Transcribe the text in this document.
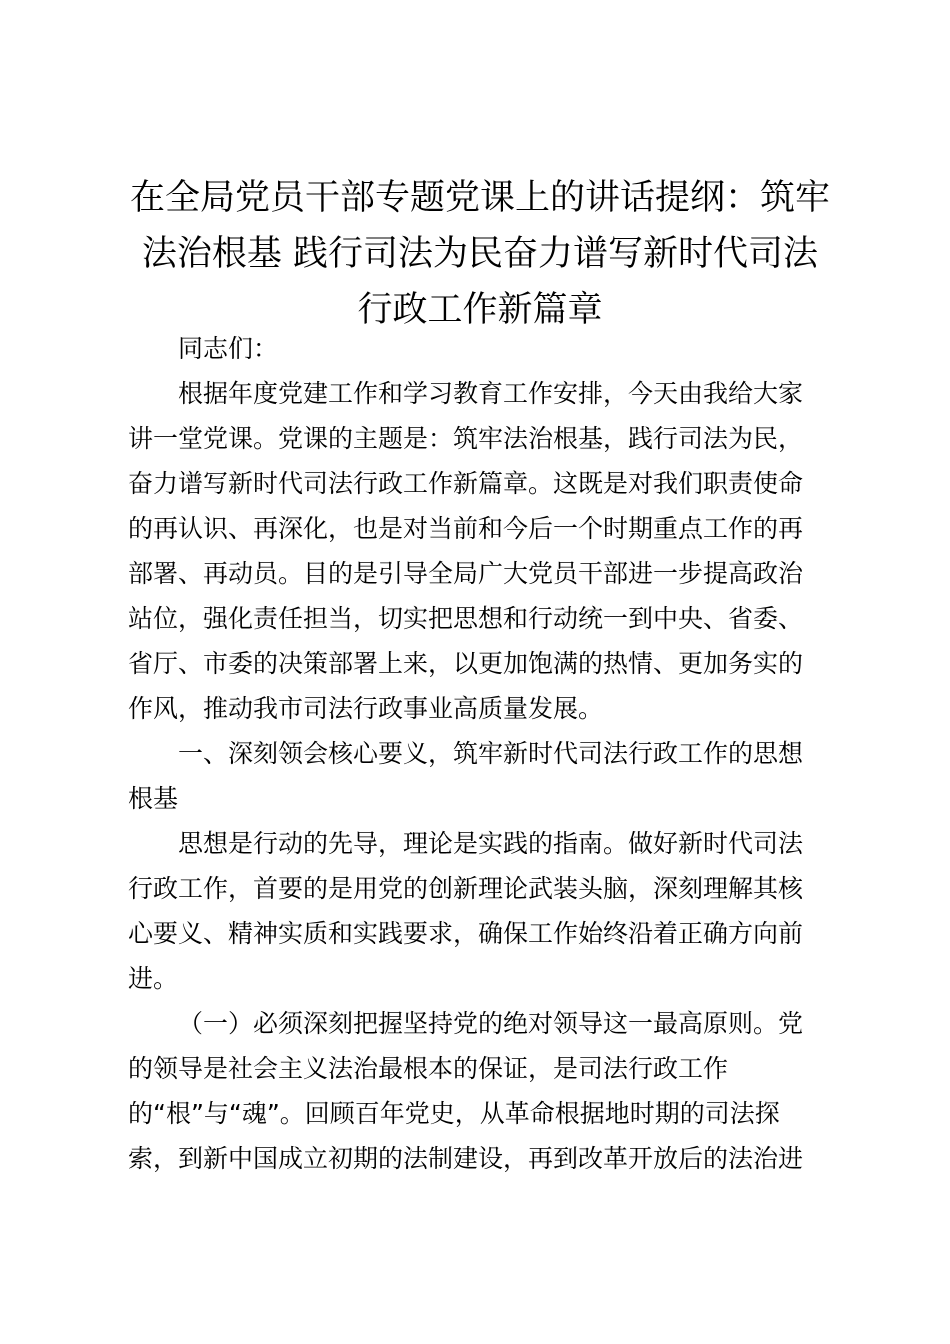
在全局党员干部专题党课上的讲话提纲：筑牢
法治根基 践行司法为民奋力谱写新时代司法
行政工作新篇章

同志们：

根据年度党建工作和学习教育工作安排，今天由我给大家
讲一堂党课。党课的主题是：筑牢法治根基，践行司法为民，
奋力谱写新时代司法行政工作新篇章。这既是对我们职责使命
的再认识、再深化，也是对当前和今后一个时期重点工作的再
部署、再动员。目的是引导全局广大党员干部进一步提高政治
站位，强化责任担当，切实把思想和行动统一到中央、省委、
省厅、市委的决策部署上来，以更加饱满的热情、更加务实的
作风，推动我市司法行政事业高质量发展。

一、深刻领会核心要义，筑牢新时代司法行政工作的思想
根基

思想是行动的先导，理论是实践的指南。做好新时代司法
行政工作，首要的是用党的创新理论武装头脑，深刻理解其核
心要义、精神实质和实践要求，确保工作始终沿着正确方向前
进。

（一）必须深刻把握坚持党的绝对领导这一最高原则。党
的领导是社会主义法治最根本的保证，是司法行政工作
的“根”与“魂”。回顾百年党史，从革命根据地时期的司法探
索，到新中国成立初期的法制建设，再到改革开放后的法治进
